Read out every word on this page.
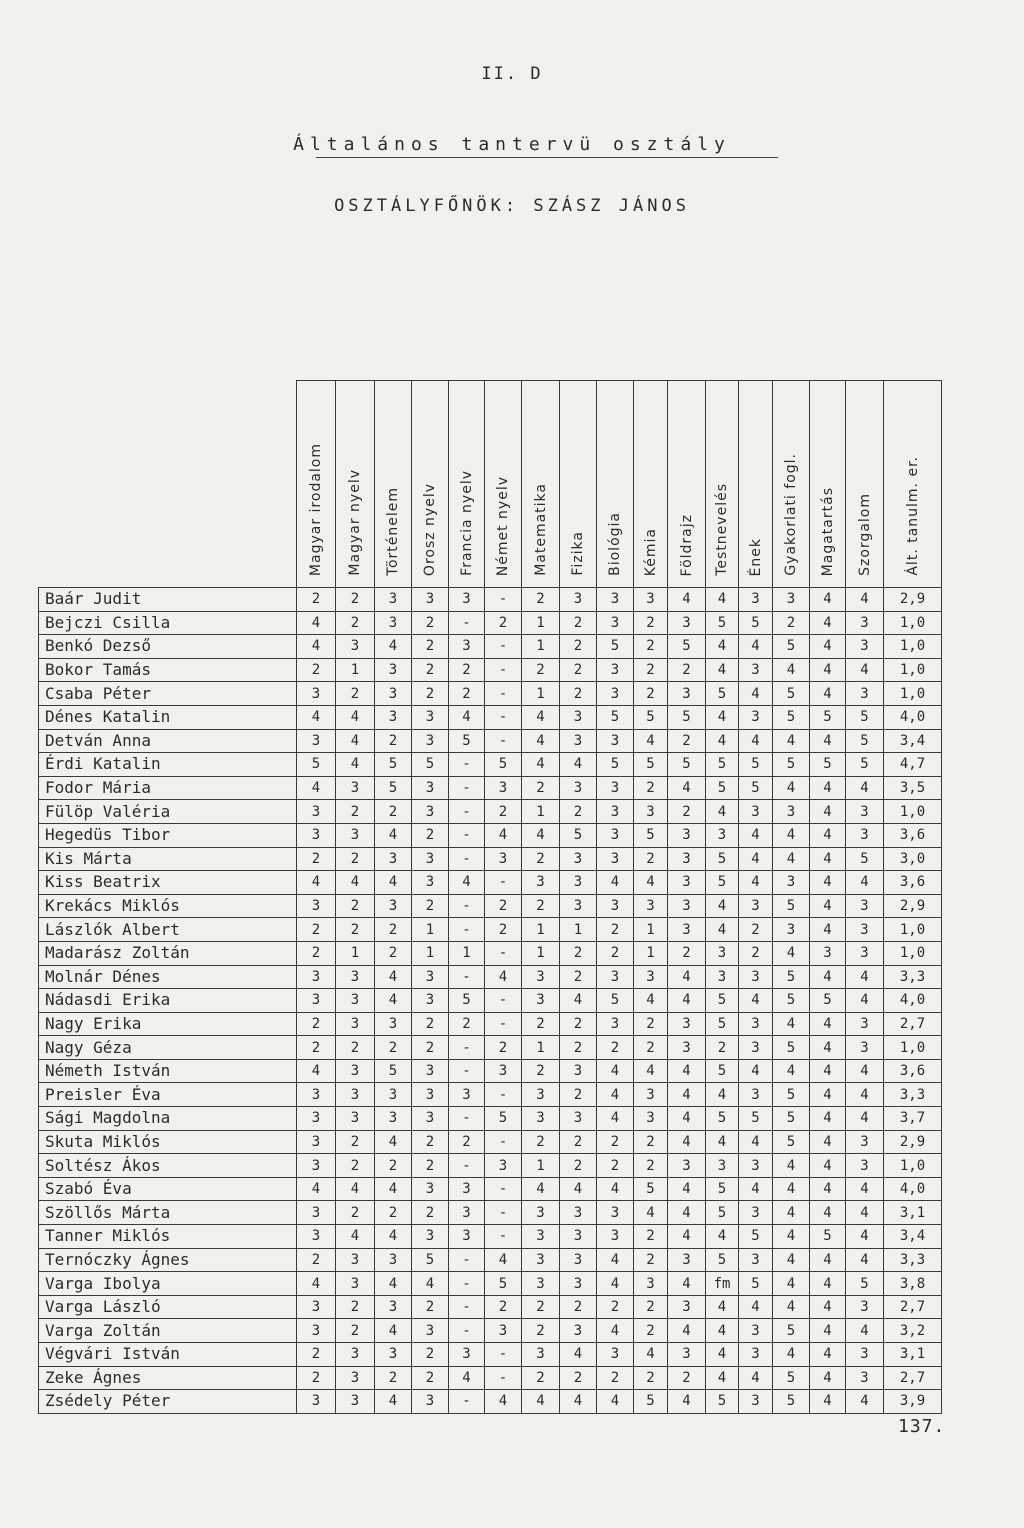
II. D
Általános tantervü osztály
OSZTÁLYFŐNÖK: SZÁSZ JÁNOS
	Magyar irodalom	Magyar nyelv	Történelem	Orosz nyelv	Francia nyelv	Német nyelv	Matematika	Fizika	Biológia	Kémia	Földrajz	Testnevelés	Ének	Gyakorlati fogl.	Magatartás	Szorgalom	Ált. tanulm. er.
Baár Judit	2	2	3	3	3	-	2	3	3	3	4	4	3	3	4	4	2,9
Bejczi Csilla	4	2	3	2	-	2	1	2	3	2	3	5	5	2	4	3	1,0
Benkó Dezső	4	3	4	2	3	-	1	2	5	2	5	4	4	5	4	3	1,0
Bokor Tamás	2	1	3	2	2	-	2	2	3	2	2	4	3	4	4	4	1,0
Csaba Péter	3	2	3	2	2	-	1	2	3	2	3	5	4	5	4	3	1,0
Dénes Katalin	4	4	3	3	4	-	4	3	5	5	5	4	3	5	5	5	4,0
Detván Anna	3	4	2	3	5	-	4	3	3	4	2	4	4	4	4	5	3,4
Érdi Katalin	5	4	5	5	-	5	4	4	5	5	5	5	5	5	5	5	4,7
Fodor Mária	4	3	5	3	-	3	2	3	3	2	4	5	5	4	4	4	3,5
Fülöp Valéria	3	2	2	3	-	2	1	2	3	3	2	4	3	3	4	3	1,0
Hegedüs Tibor	3	3	4	2	-	4	4	5	3	5	3	3	4	4	4	3	3,6
Kis Márta	2	2	3	3	-	3	2	3	3	2	3	5	4	4	4	5	3,0
Kiss Beatrix	4	4	4	3	4	-	3	3	4	4	3	5	4	3	4	4	3,6
Krekács Miklós	3	2	3	2	-	2	2	3	3	3	3	4	3	5	4	3	2,9
Lászlók Albert	2	2	2	1	-	2	1	1	2	1	3	4	2	3	4	3	1,0
Madarász Zoltán	2	1	2	1	1	-	1	2	2	1	2	3	2	4	3	3	1,0
Molnár Dénes	3	3	4	3	-	4	3	2	3	3	4	3	3	5	4	4	3,3
Nádasdi Erika	3	3	4	3	5	-	3	4	5	4	4	5	4	5	5	4	4,0
Nagy Erika	2	3	3	2	2	-	2	2	3	2	3	5	3	4	4	3	2,7
Nagy Géza	2	2	2	2	-	2	1	2	2	2	3	2	3	5	4	3	1,0
Németh István	4	3	5	3	-	3	2	3	4	4	4	5	4	4	4	4	3,6
Preisler Éva	3	3	3	3	3	-	3	2	4	3	4	4	3	5	4	4	3,3
Sági Magdolna	3	3	3	3	-	5	3	3	4	3	4	5	5	5	4	4	3,7
Skuta Miklós	3	2	4	2	2	-	2	2	2	2	4	4	4	5	4	3	2,9
Soltész Ákos	3	2	2	2	-	3	1	2	2	2	3	3	3	4	4	3	1,0
Szabó Éva	4	4	4	3	3	-	4	4	4	5	4	5	4	4	4	4	4,0
Szöllős Márta	3	2	2	2	3	-	3	3	3	4	4	5	3	4	4	4	3,1
Tanner Miklós	3	4	4	3	3	-	3	3	3	2	4	4	5	4	5	4	3,4
Ternóczky Ágnes	2	3	3	5	-	4	3	3	4	2	3	5	3	4	4	4	3,3
Varga Ibolya	4	3	4	4	-	5	3	3	4	3	4	fm	5	4	4	5	3,8
Varga László	3	2	3	2	-	2	2	2	2	2	3	4	4	4	4	3	2,7
Varga Zoltán	3	2	4	3	-	3	2	3	4	2	4	4	3	5	4	4	3,2
Végvári István	2	3	3	2	3	-	3	4	3	4	3	4	3	4	4	3	3,1
Zeke Ágnes	2	3	2	2	4	-	2	2	2	2	2	4	4	5	4	3	2,7
Zsédely Péter	3	3	4	3	-	4	4	4	4	5	4	5	3	5	4	4	3,9
137.
